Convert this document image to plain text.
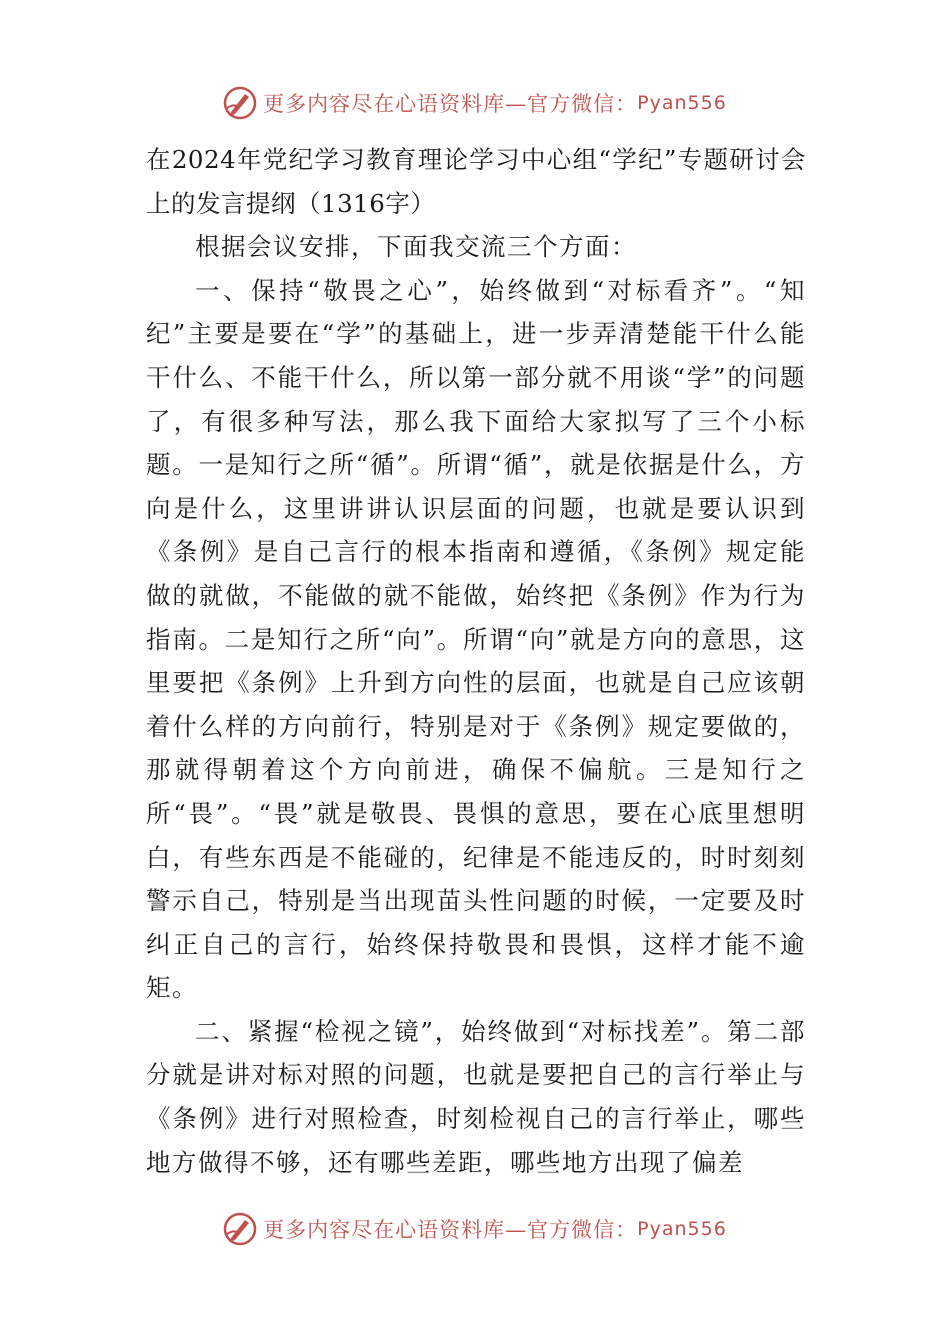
更多内容尽在心语资料库—官方微信： Pyan556

在2024年党纪学习教育理论学习中心组“学纪”专题研讨会上的发言提纲（1316字）

根据会议安排，下面我交流三个方面：

一、保持“敬畏之心”，始终做到“对标看齐”。“知纪”主要是要在“学”的基础上，进一步弄清楚能干什么能干什么、不能干什么，所以第一部分就不用谈“学”的问题了，有很多种写法，那么我下面给大家拟写了三个小标题。一是知行之所“循”。所谓“循”，就是依据是什么，方向是什么，这里讲讲认识层面的问题，也就是要认识到《条例》是自己言行的根本指南和遵循，《条例》规定能做的就做，不能做的就不能做，始终把《条例》作为行为指南。二是知行之所“向”。所谓“向”就是方向的意思，这里要把《条例》上升到方向性的层面，也就是自己应该朝着什么样的方向前行，特别是对于《条例》规定要做的，那就得朝着这个方向前进，确保不偏航。三是知行之所“畏”。“畏”就是敬畏、畏惧的意思，要在心底里想明白，有些东西是不能碰的，纪律是不能违反的，时时刻刻警示自己，特别是当出现苗头性问题的时候，一定要及时纠正自己的言行，始终保持敬畏和畏惧，这样才能不逾矩。

二、紧握“检视之镜”，始终做到“对标找差”。第二部分就是讲对标对照的问题，也就是要把自己的言行举止与《条例》进行对照检查，时刻检视自己的言行举止，哪些地方做得不够，还有哪些差距，哪些地方出现了偏差

更多内容尽在心语资料库—官方微信： Pyan556
